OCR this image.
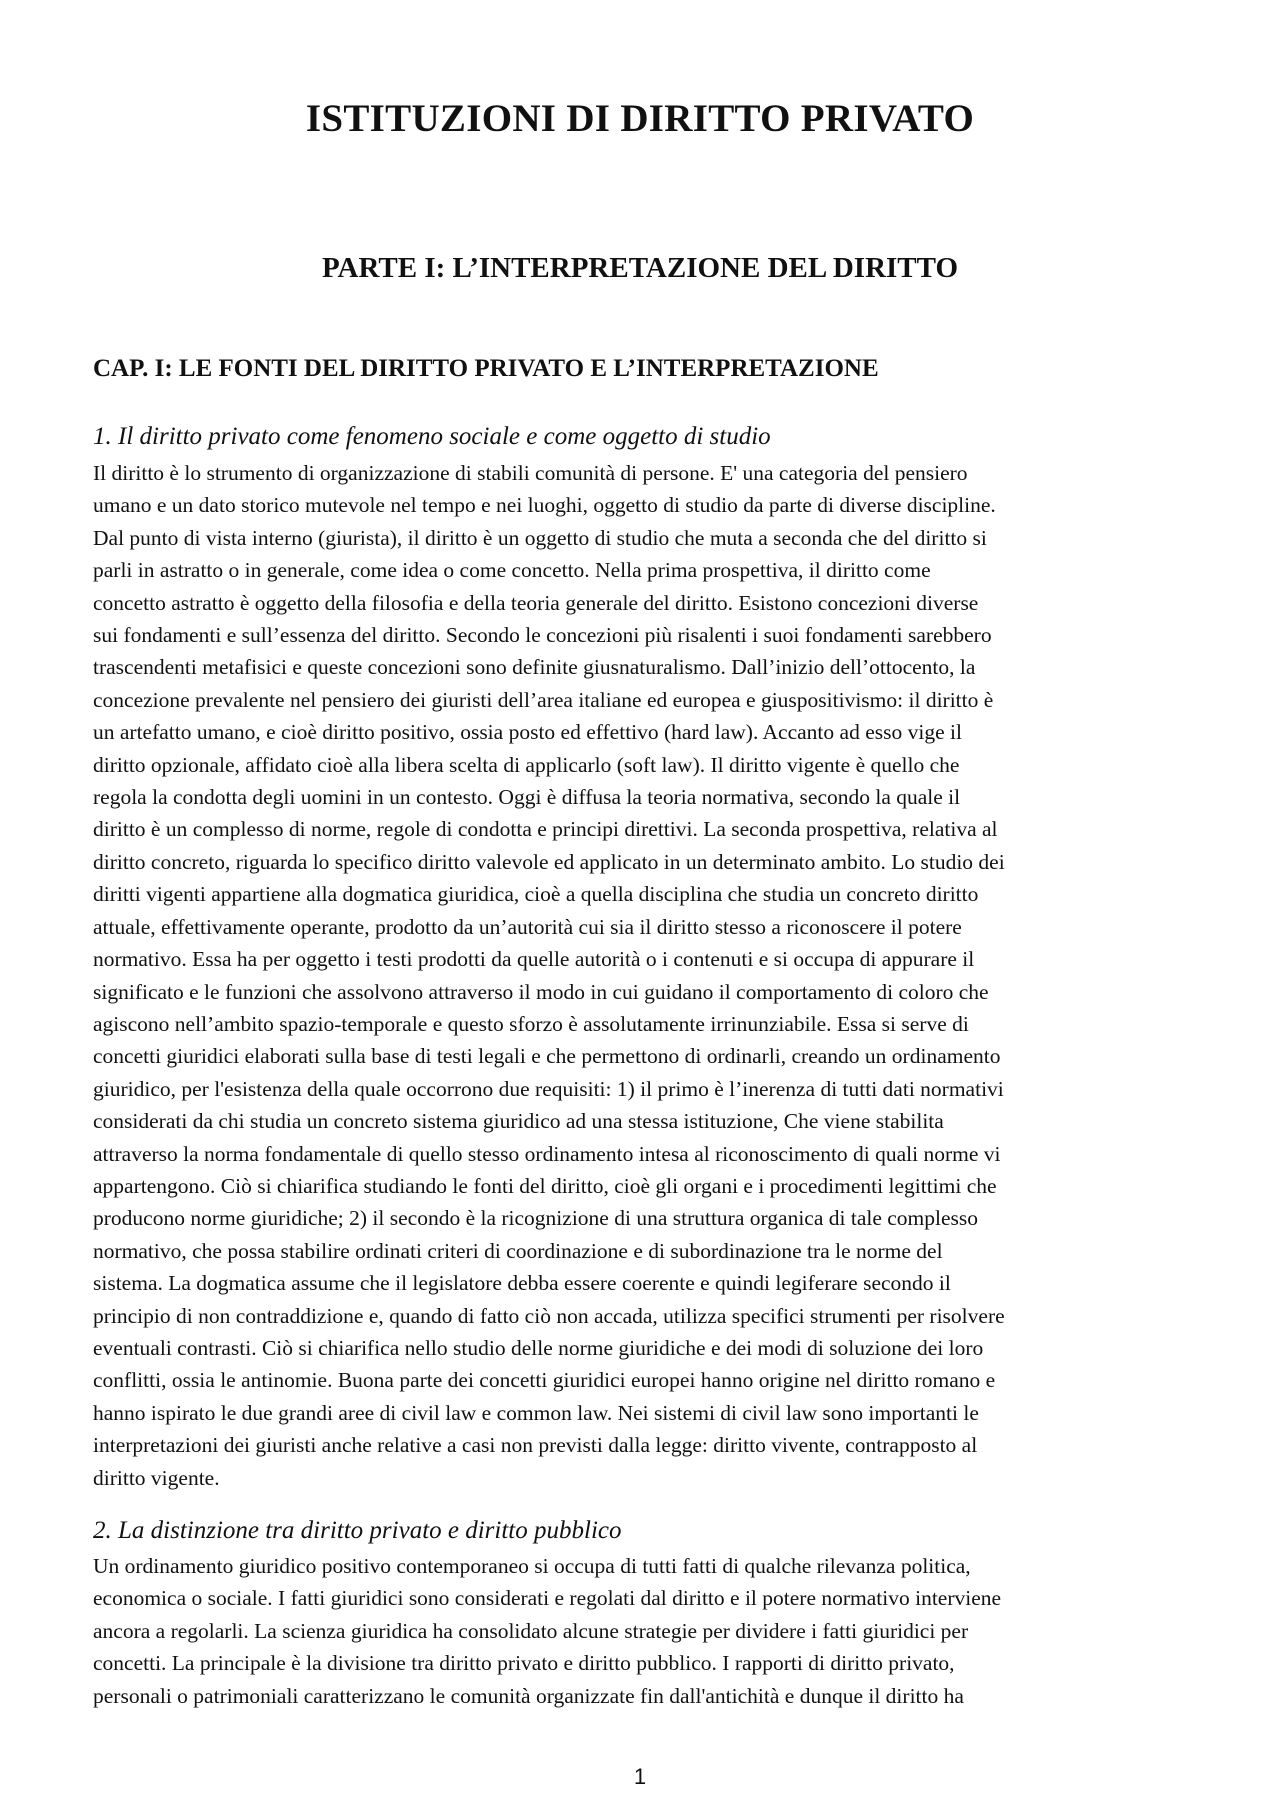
ISTITUZIONI DI DIRITTO PRIVATO
PARTE I: L’INTERPRETAZIONE DEL DIRITTO
CAP. I: LE FONTI DEL DIRITTO PRIVATO E L’INTERPRETAZIONE
1. Il diritto privato come fenomeno sociale e come oggetto di studio
Il diritto è lo strumento di organizzazione di stabili comunità di persone. E' una categoria del pensiero
umano e un dato storico mutevole nel tempo e nei luoghi, oggetto di studio da parte di diverse discipline.
Dal punto di vista interno (giurista), il diritto è un oggetto di studio che muta a seconda che del diritto si
parli in astratto o in generale, come idea o come concetto. Nella prima prospettiva, il diritto come
concetto astratto è oggetto della filosofia e della teoria generale del diritto. Esistono concezioni diverse
sui fondamenti e sull’essenza del diritto. Secondo le concezioni più risalenti i suoi fondamenti sarebbero
trascendenti metafisici e queste concezioni sono definite giusnaturalismo. Dall’inizio dell’ottocento, la
concezione prevalente nel pensiero dei giuristi dell’area italiane ed europea e giuspositivismo: il diritto è
un artefatto umano, e cioè diritto positivo, ossia posto ed effettivo (hard law). Accanto ad esso vige il
diritto opzionale, affidato cioè alla libera scelta di applicarlo (soft law). Il diritto vigente è quello che
regola la condotta degli uomini in un contesto. Oggi è diffusa la teoria normativa, secondo la quale il
diritto è un complesso di norme, regole di condotta e principi direttivi. La seconda prospettiva, relativa al
diritto concreto, riguarda lo specifico diritto valevole ed applicato in un determinato ambito. Lo studio dei
diritti vigenti appartiene alla dogmatica giuridica, cioè a quella disciplina che studia un concreto diritto
attuale, effettivamente operante, prodotto da un’autorità cui sia il diritto stesso a riconoscere il potere
normativo. Essa ha per oggetto i testi prodotti da quelle autorità o i contenuti e si occupa di appurare il
significato e le funzioni che assolvono attraverso il modo in cui guidano il comportamento di coloro che
agiscono nell’ambito spazio-temporale e questo sforzo è assolutamente irrinunziabile. Essa si serve di
concetti giuridici elaborati sulla base di testi legali e che permettono di ordinarli, creando un ordinamento
giuridico, per l'esistenza della quale occorrono due requisiti: 1) il primo è l’inerenza di tutti dati normativi
considerati da chi studia un concreto sistema giuridico ad una stessa istituzione, Che viene stabilita
attraverso la norma fondamentale di quello stesso ordinamento intesa al riconoscimento di quali norme vi
appartengono. Ciò si chiarifica studiando le fonti del diritto, cioè gli organi e i procedimenti legittimi che
producono norme giuridiche; 2) il secondo è la ricognizione di una struttura organica di tale complesso
normativo, che possa stabilire ordinati criteri di coordinazione e di subordinazione tra le norme del
sistema. La dogmatica assume che il legislatore debba essere coerente e quindi legiferare secondo il
principio di non contraddizione e, quando di fatto ciò non accada, utilizza specifici strumenti per risolvere
eventuali contrasti. Ciò si chiarifica nello studio delle norme giuridiche e dei modi di soluzione dei loro
conflitti, ossia le antinomie. Buona parte dei concetti giuridici europei hanno origine nel diritto romano e
hanno ispirato le due grandi aree di civil law e common law. Nei sistemi di civil law sono importanti le
interpretazioni dei giuristi anche relative a casi non previsti dalla legge: diritto vivente, contrapposto al
diritto vigente.
2. La distinzione tra diritto privato e diritto pubblico
Un ordinamento giuridico positivo contemporaneo si occupa di tutti fatti di qualche rilevanza politica,
economica o sociale. I fatti giuridici sono considerati e regolati dal diritto e il potere normativo interviene
ancora a regolarli. La scienza giuridica ha consolidato alcune strategie per dividere i fatti giuridici per
concetti. La principale è la divisione tra diritto privato e diritto pubblico. I rapporti di diritto privato,
personali o patrimoniali caratterizzano le comunità organizzate fin dall'antichità e dunque il diritto ha
1
